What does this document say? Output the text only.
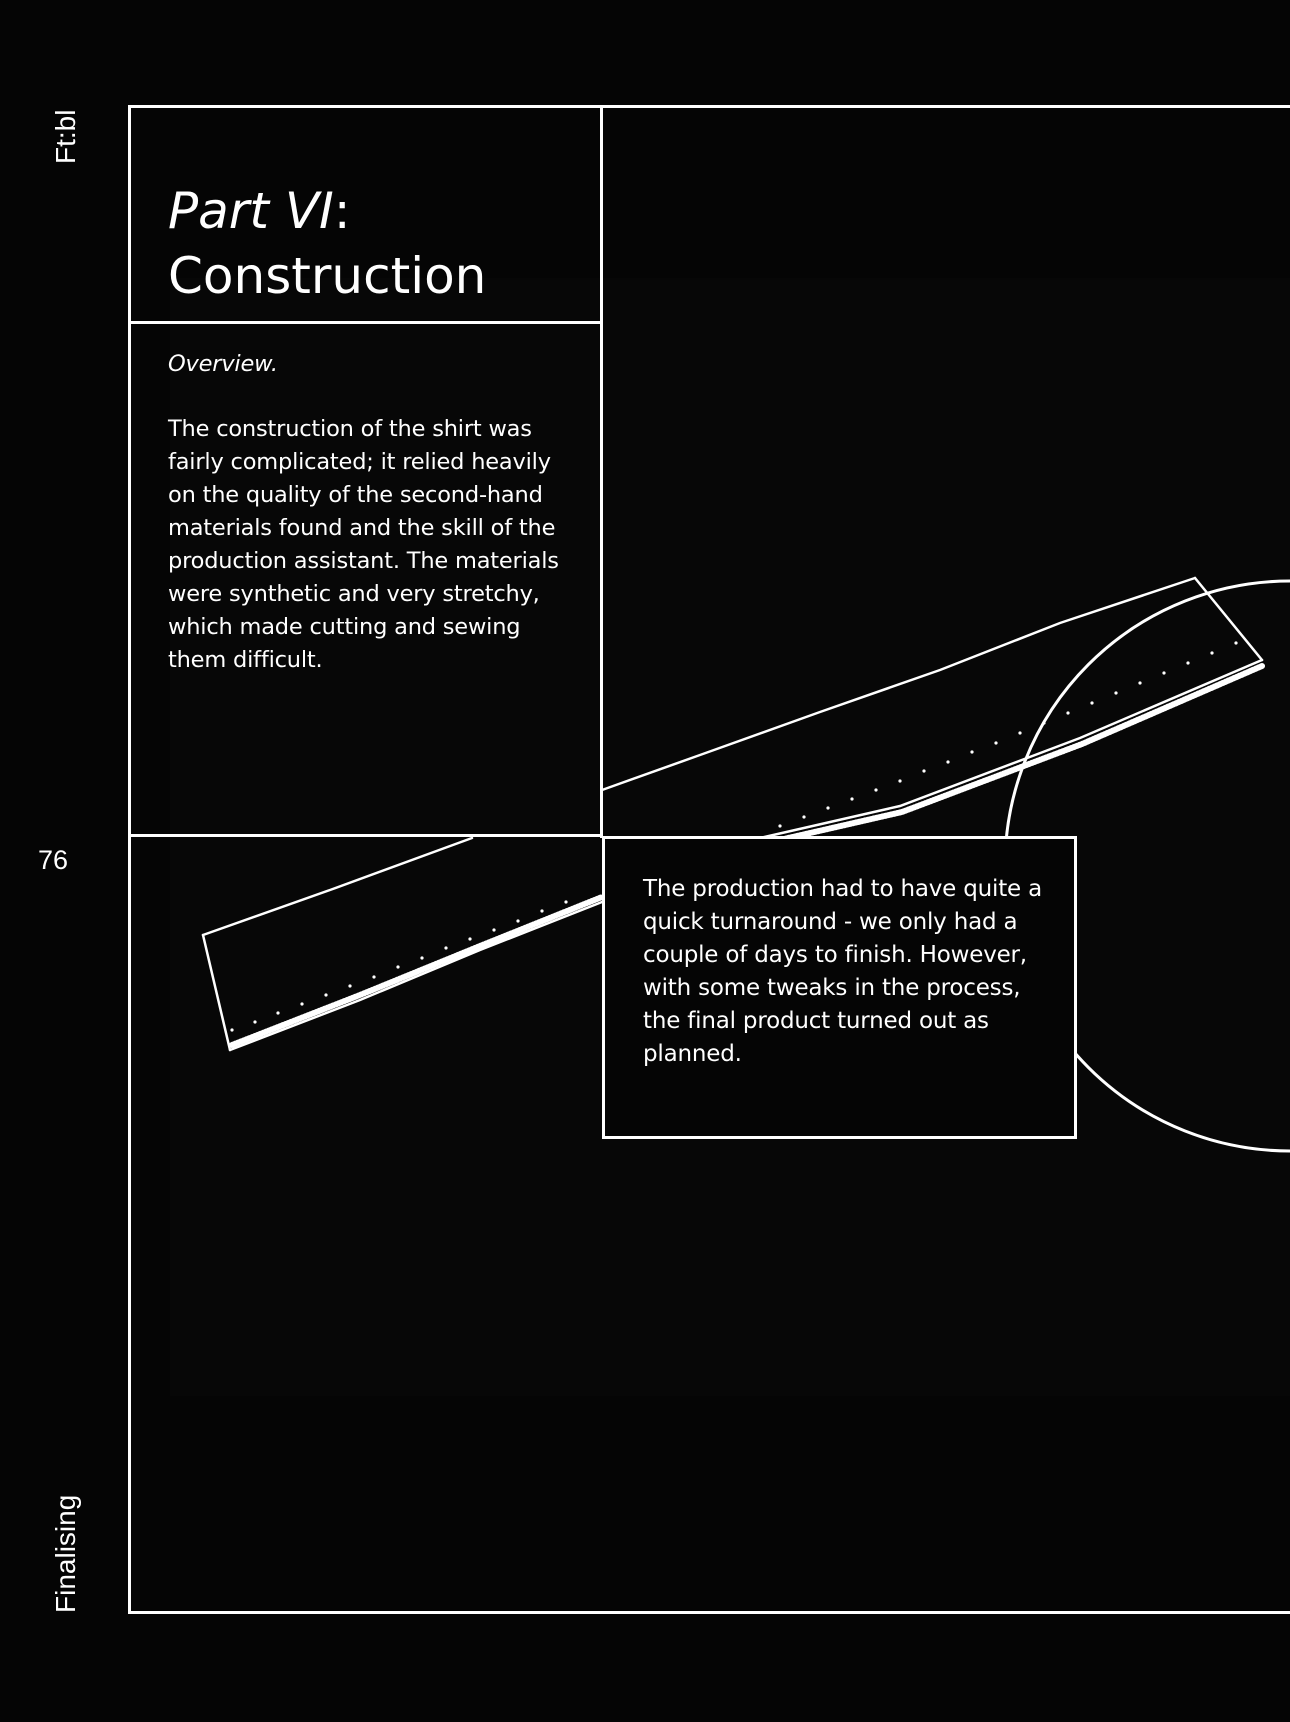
Ft:bl
Finalising
76
Part VI:
Construction
Overview.

The construction of the shirt was fairly complicated; it relied heavily on the quality of the second-hand materials found and the skill of the production assistant. The materials were synthetic and very stretchy, which made cutting and sewing them difficult.

The production had to have quite a quick turnaround - we only had a couple of days to finish. However, with some tweaks in the process, the final product turned out as planned.
